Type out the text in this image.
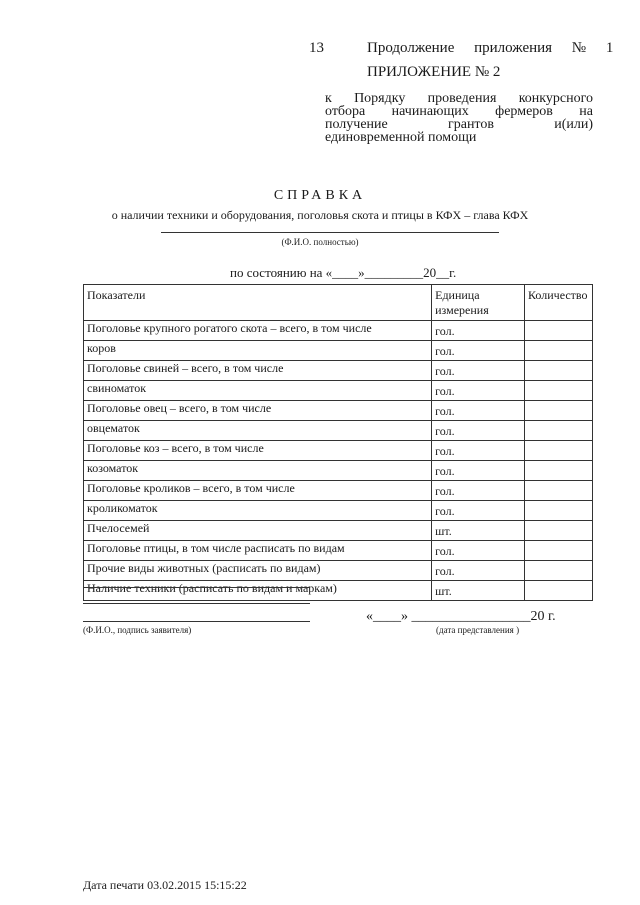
13	Продолжение приложения № 1
ПРИЛОЖЕНИЕ № 2
к Порядку проведения конкурсного
отбора начинающих фермеров на
получение грантов и(или)
единовременной помощи
СПРАВКА
о наличии техники и оборудования, поголовья скота и птицы в КФХ – глава КФХ
(Ф.И.О. полностью)
по состоянию на «____»_________20__г.
Показатели	Единица измерения	Количество
Поголовье крупного рогатого скота – всего, в том числе	гол.	
коров	гол.	
Поголовье свиней – всего, в том числе	гол.	
свиноматок	гол.	
Поголовье овец – всего, в том числе	гол.	
овцематок	гол.	
Поголовье коз – всего, в том числе	гол.	
козоматок	гол.	
Поголовье кроликов – всего, в том числе	гол.	
кроликоматок	гол.	
Пчелосемей	шт.	
Поголовье птицы, в том числе расписать по видам	гол.	
Прочие виды животных (расписать по видам)	гол.	
Наличие техники (расписать по видам и маркам)	шт.	
(Ф.И.О., подпись заявителя)
«____» _________________20 г.
(дата представления )
Дата печати 03.02.2015 15:15:22
